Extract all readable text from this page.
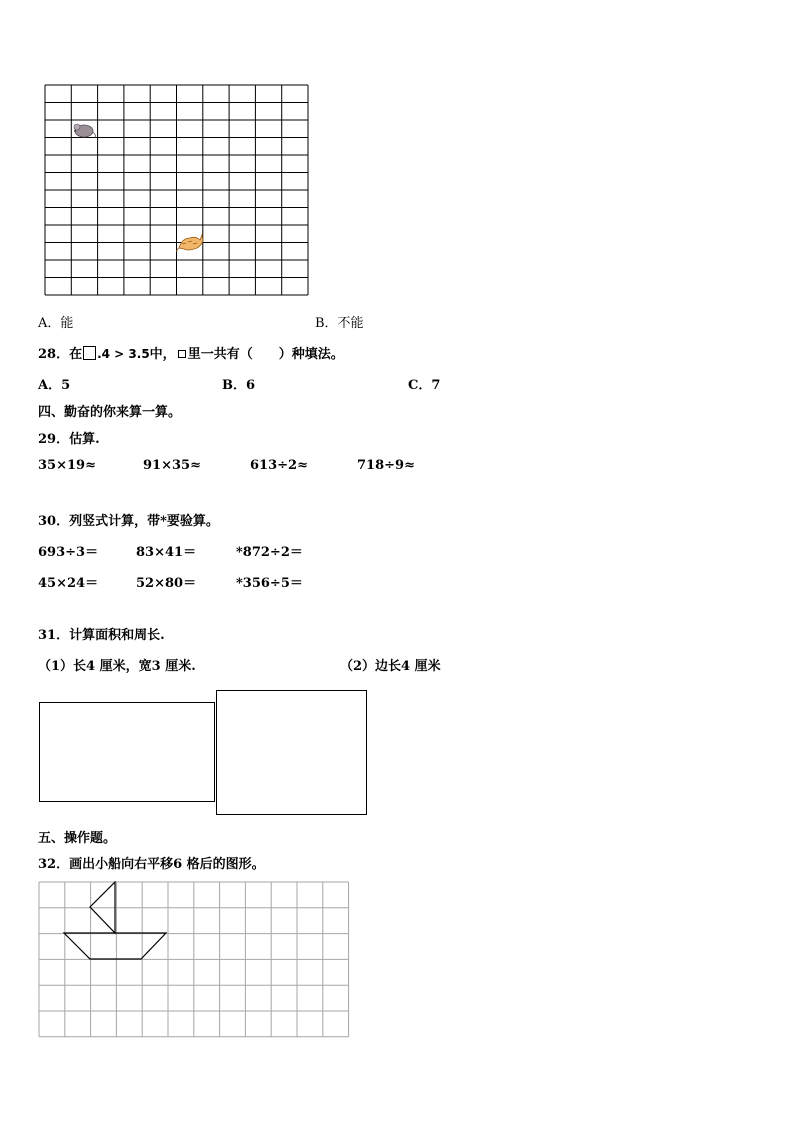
A．能	B．不能
28．在 .4 > 3.5中， 里一共有（　　）种填法。
A．5	B．6	C．7
四、勤奋的你来算一算。
29．估算.
35×19≈	91×35≈	613÷2≈	718÷9≈
30．列竖式计算，带*要验算。
693÷3＝	83×41＝	*872÷2＝
45×24＝	52×80＝	*356÷5＝
31．计算面积和周长.
（1）长4 厘米，宽3 厘米.	（2）边长4 厘米
五、操作题。
32．画出小船向右平移6 格后的图形。
